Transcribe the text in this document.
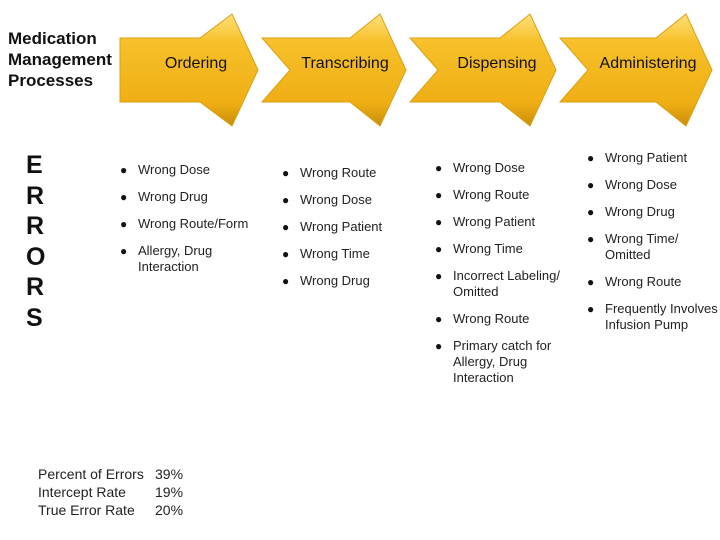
Medication
Management
Processes
Ordering	Transcribing	Dispensing	Administering
E
R
R
O
R
S
● Wrong Dose
● Wrong Drug
● Wrong Route/Form
● Allergy, Drug
Interaction
● Wrong Route
● Wrong Dose
● Wrong Patient
● Wrong Time
● Wrong Drug
● Wrong Dose
● Wrong Route
● Wrong Patient
● Wrong Time
● Incorrect Labeling/
Omitted
● Wrong Route
● Primary catch for
Allergy, Drug
Interaction
● Wrong Patient
● Wrong Dose
● Wrong Drug
● Wrong Time/
Omitted
● Wrong Route
● Frequently Involves
Infusion Pump
Percent of Errors 39%
Intercept Rate	19%
True Error Rate	20%
